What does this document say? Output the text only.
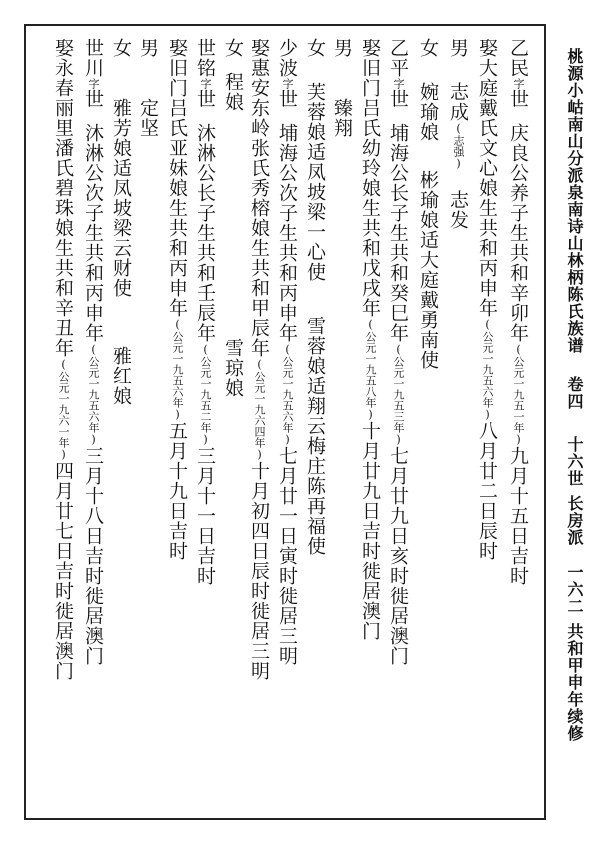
桃源小岵南山分派泉南诗山林柄陈氏族谱卷四十六世长房派一六二共和甲申年续修
乙民字世庆良公养子生共和辛卯年(公元一九五一年)九月十五日吉时
娶大庭戴氏文心娘生共和丙申年(公元一九五六年)八月廿二日辰时
男志成(志强)志发
女婉瑜娘彬瑜娘适大庭戴勇南使
乙平字世埔海公长子生共和癸巳年(公元一九五三年)七月廿九日亥时徙居澳门
娶旧门吕氏幼玲娘生共和戊戌年(公元一九五八年)十月廿九日吉时徙居澳门
男臻翔
女芙蓉娘适凤坡梁一心使雪蓉娘适翔云梅庄陈再福使
少波字世埔海公次子生共和丙申年(公元一九五六年)七月廿一日寅时徙居三明
娶惠安东岭张氏秀榕娘生共和甲辰年(公元一九六四年)十月初四日辰时徙居三明
女程娘雪琼娘
世铭字世沐淋公长子生共和壬辰年(公元一九五二年)三月十一日吉时
娶旧门吕氏亚妹娘生共和丙申年(公元一九五六年)五月十九日吉时
男定坚
女雅芳娘适凤坡梁云财使雅红娘
世川字世沐淋公次子生共和丙申年(公元一九五六年)三月十八日吉时徙居澳门
娶永春丽里潘氏碧珠娘生共和辛丑年(公元一九六一年)四月廿七日吉时徙居澳门
